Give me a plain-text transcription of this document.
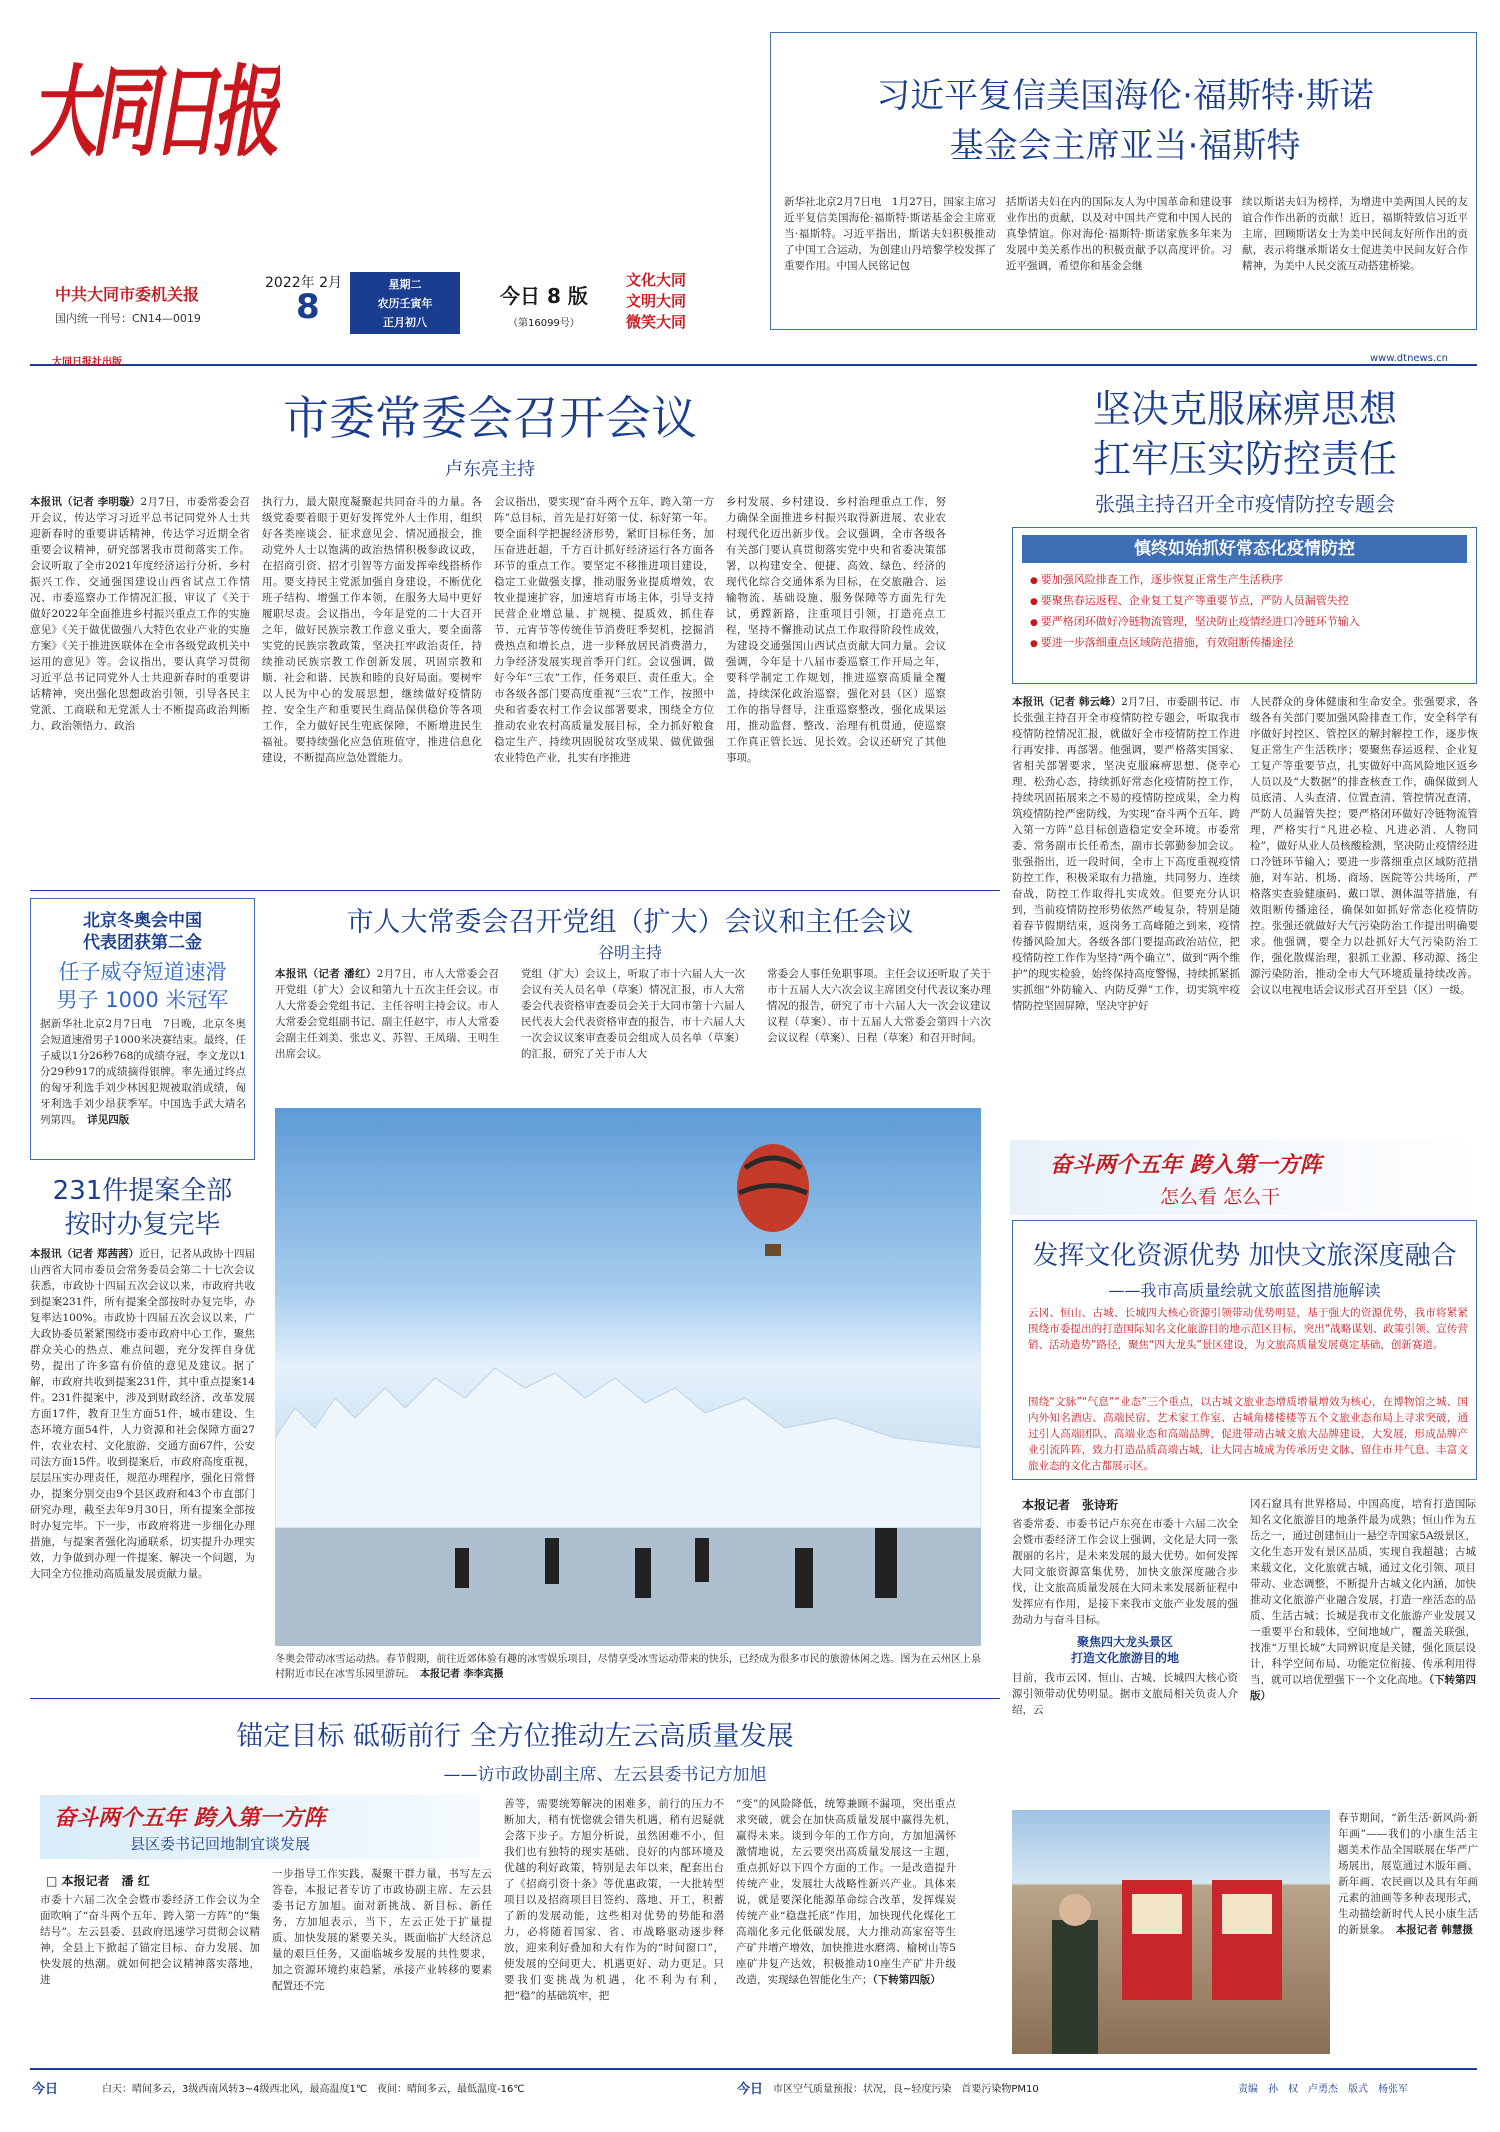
大同日报
中共大同市委机关报
国内统一刊号：CN14—0019
2022年 2月
8
星期二
农历壬寅年
正月初八
今日 8 版
（第16099号）
文化大同
文明大同
微笑大同
习近平复信美国海伦·福斯特·斯诺
基金会主席亚当·福斯特
新华社北京2月7日电　1月27日，国家主席习近平复信美国海伦·福斯特·斯诺基金会主席亚当·福斯特。习近平指出，斯诺夫妇积极推动了中国工合运动，为创建山丹培黎学校发挥了重要作用。中国人民铭记包
括斯诺夫妇在内的国际友人为中国革命和建设事业作出的贡献，以及对中国共产党和中国人民的真挚情谊。你对海伦·福斯特·斯诺家族多年来为发展中美关系作出的积极贡献予以高度评价。习近平强调，希望你和基金会继
续以斯诺夫妇为榜样，为增进中美两国人民的友谊合作作出新的贡献！近日，福斯特致信习近平主席，回顾斯诺女士为美中民间友好所作出的贡献，表示将继承斯诺女士促进美中民间友好合作精神，为美中人民交流互动搭建桥梁。
大同日报社出版	www.dtnews.cn
市委常委会召开会议
卢东亮主持
本报讯（记者 李明璇）2月7日，市委常委会召开会议，传达学习习近平总书记同党外人士共迎新春时的重要讲话精神，传达学习近期全省重要会议精神，研究部署我市贯彻落实工作。会议听取了全市2021年度经济运行分析、乡村振兴工作、交通强国建设山西省试点工作情况、市委巡察办工作情况汇报，审议了《关于做好2022年全面推进乡村振兴重点工作的实施意见》《关于做优做强八大特色农业产业的实施方案》《关于推进医联体在全市各级党政机关中运用的意见》等。会议指出，要认真学习贯彻习近平总书记同党外人士共迎新春时的重要讲话精神，突出强化思想政治引领，引导各民主党派、工商联和无党派人士不断提高政治判断力、政治领悟力、政治
执行力，最大限度凝聚起共同奋斗的力量。各级党委要着眼于更好发挥党外人士作用，组织好各类座谈会、征求意见会、情况通报会，推动党外人士以饱满的政治热情积极参政议政，在招商引资、招才引智等方面发挥牵线搭桥作用。要支持民主党派加强自身建设，不断优化班子结构、增强工作本领，在服务大局中更好履职尽责。会议指出，今年是党的二十大召开之年，做好民族宗教工作意义重大，要全面落实党的民族宗教政策，坚决扛牢政治责任，持续推动民族宗教工作创新发展，巩固宗教和顺、社会和谐、民族和睦的良好局面。要树牢以人民为中心的发展思想，继续做好疫情防控、安全生产和重要民生商品保供稳价等各项工作，全力做好民生兜底保障，不断增进民生福祉。要持续强化应急值班值守，推进信息化建设，不断提高应急处置能力。
会议指出，要实现“奋斗两个五年、跨入第一方阵”总目标，首先是打好第一仗、标好第一年。要全面科学把握经济形势，紧盯目标任务，加压奋进赶超，千方百计抓好经济运行各方面各环节的重点工作。要坚定不移推进项目建设，稳定工业做强支撑，推动服务业提质增效，农牧业提速扩容，加速培育市场主体，引导支持民营企业增总量、扩规模、提质效，抓住春节、元宵节等传统佳节消费旺季契机，挖掘消费热点和增长点，进一步释放居民消费潜力，力争经济发展实现首季开门红。会议强调，做好今年“三农”工作，任务艰巨、责任重大。全市各级各部门要高度重视“三农”工作，按照中央和省委农村工作会议部署要求，围绕全方位推动农业农村高质量发展目标，全力抓好粮食稳定生产、持续巩固脱贫攻坚成果、做优做强农业特色产业，扎实有序推进
乡村发展、乡村建设、乡村治理重点工作，努力确保全面推进乡村振兴取得新进展、农业农村现代化迈出新步伐。会议强调，全市各级各有关部门要认真贯彻落实党中央和省委决策部署，以构建安全、便捷、高效、绿色、经济的现代化综合交通体系为目标，在交旅融合、运输物流、基础设施、服务保障等方面先行先试，勇蹚新路，注重项目引领，打造亮点工程，坚持不懈推动试点工作取得阶段性成效，为建设交通强国山西试点贡献大同力量。会议强调，今年是十八届市委巡察工作开局之年，要科学制定工作规划，推进巡察高质量全覆盖，持续深化政治巡察，强化对县（区）巡察工作的指导督导，注重巡察整改，强化成果运用，推动监督、整改、治理有机贯通，使巡察工作真正管长远、见长效。会议还研究了其他事项。
坚决克服麻痹思想
扛牢压实防控责任
张强主持召开全市疫情防控专题会
慎终如始抓好常态化疫情防控
● 要加强风险排查工作，逐步恢复正常生产生活秩序
● 要聚焦春运返程、企业复工复产等重要节点，严防人员漏管失控
● 要严格闭环做好冷链物流管理，坚决防止疫情经进口冷链环节输入
● 要进一步落细重点区域防范措施，有效阻断传播途径
本报讯（记者 韩云峰）2月7日，市委副书记、市长张强主持召开全市疫情防控专题会，听取我市疫情防控情况汇报，就做好全市疫情防控工作进行再安排、再部署。他强调，要严格落实国家、省相关部署要求，坚决克服麻痹思想、侥幸心理、松劲心态，持续抓好常态化疫情防控工作，持续巩固拓展来之不易的疫情防控成果，全力构筑疫情防控严密防线，为实现“奋斗两个五年、跨入第一方阵”总目标创造稳定安全环境。市委常委、常务副市长任希杰，副市长郭勤参加会议。张强指出，近一段时间，全市上下高度重视疫情防控工作，积极采取有力措施，共同努力、连续奋战，防控工作取得扎实成效。但要充分认识到，当前疫情防控形势依然严峻复杂，特别是随着春节假期结束，返岗务工高峰随之到来，疫情传播风险加大。各级各部门要提高政治站位，把疫情防控工作作为坚持“两个确立”、做到“两个维护”的现实检验，始终保持高度警惕，持续抓紧抓实抓细“外防输入、内防反弹”工作，切实筑牢疫情防控坚固屏障，坚决守护好
人民群众的身体健康和生命安全。张强要求，各级各有关部门要加强风险排查工作，安全科学有序做好封控区、管控区的解封解控工作，逐步恢复正常生产生活秩序；要聚焦春运返程、企业复工复产等重要节点，扎实做好中高风险地区返乡人员以及“大数据”的排查核查工作，确保做到人员底清、人头查清、位置查清、管控情况查清，严防人员漏管失控；要严格闭环做好冷链物流管理，严格实行“凡进必检、凡进必消、人物同检”，做好从业人员核酸检测，坚决防止疫情经进口冷链环节输入；要进一步落细重点区域防范措施，对车站、机场、商场、医院等公共场所，严格落实查验健康码、戴口罩、测体温等措施，有效阻断传播途径，确保如如抓好常态化疫情防控。张强还就做好大气污染防治工作提出明确要求。他强调，要全力以赴抓好大气污染防治工作，强化散煤治理，狠抓工业源、移动源、扬尘源污染防治，推动全市大气环境质量持续改善。会议以电视电话会议形式召开至县（区）一级。
北京冬奥会中国
代表团获第二金
任子威夺短道速滑
男子 1000 米冠军
据新华社北京2月7日电　7日晚，北京冬奥会短道速滑男子1000米决赛结束。最终，任子威以1分26秒768的成绩夺冠，李文龙以1分29秒917的成绩摘得银牌。率先通过终点的匈牙利选手刘少林因犯规被取消成绩，匈牙利选手刘少昂获季军。中国选手武大靖名列第四。　 详见四版
市人大常委会召开党组（扩大）会议和主任会议
谷明主持
本报讯（记者 潘红）2月7日，市人大常委会召开党组（扩大）会议和第九十五次主任会议。市人大常委会党组书记、主任谷明主持会议。市人大常委会党组副书记、副主任赵宇，市人大常委会副主任刘美、张忠义、苏智、王凤瑞、王明生出席会议。
党组（扩大）会议上，听取了市十六届人大一次会议有关人员名单（草案）情况汇报，市人大常委会代表资格审查委员会关于大同市第十六届人民代表大会代表资格审查的报告，市十六届人大一次会议议案审查委员会组成人员名单（草案）的汇报，研究了关于市人大
常委会人事任免职事项。主任会议还听取了关于市十五届人大六次会议主席团交付代表议案办理情况的报告，研究了市十六届人大一次会议建议议程（草案）、市十五届人大常委会第四十六次会议议程（草案）、日程（草案）和召开时间。
冬奥会带动冰雪运动热。春节假期，前往近郊体验有趣的冰雪娱乐项目，尽情享受冰雪运动带来的快乐，已经成为很多市民的旅游休闲之选。图为在云州区上泉村附近市民在冰雪乐园里游玩。　 本报记者 李李宾摄
231件提案全部
按时办复完毕
本报讯（记者 郑茜茜）近日，记者从政协十四届山西省大同市委员会常务委员会第二十七次会议获悉，市政协十四届五次会议以来，市政府共收到提案231件，所有提案全部按时办复完毕，办复率达100%。市政协十四届五次会议以来，广大政协委员紧紧围绕市委市政府中心工作，聚焦群众关心的热点、难点问题，充分发挥自身优势，提出了许多富有价值的意见及建议。据了解，市政府共收到提案231件，其中重点提案14件。231件提案中，涉及到财政经济、改革发展方面17件，教育卫生方面51件，城市建设、生态环境方面54件，人力资源和社会保障方面27件，农业农村、文化旅游、交通方面67件，公安司法方面15件。收到提案后，市政府高度重视，层层压实办理责任，规范办理程序，强化日常督办，提案分别交由9个县区政府和43个市直部门研究办理，截至去年9月30日，所有提案全部按时办复完毕。下一步，市政府将进一步细化办理措施，与提案者强化沟通联系，切实提升办理实效，力争做到办理一件提案、解决一个问题，为大同全方位推动高质量发展贡献力量。
奋斗两个五年 跨入第一方阵
怎么看 怎么干
发挥文化资源优势 加快文旅深度融合
——我市高质量绘就文旅蓝图措施解读
云冈、恒山、古城、长城四大核心资源引领带动优势明显，基于强大的资源优势，我市将紧紧围绕市委提出的打造国际知名文化旅游目的地示范区目标，突出“战略谋划、政策引领、宣传营销、活动造势”路径，聚焦“四大龙头”景区建设，为文旅高质量发展奠定基础，创新赛道。
围绕“文脉”“气息”“业态”三个重点，以古城文旅业态增质增量增效为核心，在博物馆之城、国内外知名酒店、高端民宿、艺术家工作室、古城角楼楼楼等五个文旅业态布局上寻求突破，通过引人高端团队、高端业态和高端品牌，促进带动古城文旅大品牌建设，大发展，形成品牌产业引流阵阵，致力打造品质高端古城，让大同古城成为传承历史文脉、留住市井气息、丰富文旅业态的文化古都展示区。
本报记者　张诗珩
省委常委、市委书记卢东亮在市委十六届二次全会暨市委经济工作会议上强调，文化是大同一张靓丽的名片，是未来发展的最大优势。如何发挥大同文旅资源富集优势，加快文旅深度融合步伐，让文旅高质量发展在大同未来发展新征程中发挥应有作用，是接下来我市文旅产业发展的强劲动力与奋斗目标。
聚焦四大龙头景区
打造文化旅游目的地
目前，我市云冈、恒山、古城、长城四大核心资源引领带动优势明显。据市文旅局相关负责人介绍，云
冈石窟具有世界格局、中国高度，培育打造国际知名文化旅游目的地条件最为成熟；恒山作为五岳之一，通过创建恒山一悬空寺国家5A级景区，文化生态开发有景区品质，实现自我超越；古城来载文化，文化旅就古城，通过文化引领、项目带动、业态调整，不断提升古城文化内涵，加快推动文化旅游产业融合发展，打造一座活态的品质、生活古城；长城是我市文化旅游产业发展又一重要平台和载体，空间地域广，覆盖关联强，找准“万里长城”大同辨识度是关键，强化顶层设计，科学空间布局、功能定位衔接、传承利用得当，就可以培优塑强下一个文化高地。（下转第四版）
锚定目标 砥砺前行 全方位推动左云高质量发展
——访市政协副主席、左云县委书记方加旭
奋斗两个五年 跨入第一方阵
县区委书记回地制宜谈发展
□ 本报记者　潘 红
市委十六届二次全会暨市委经济工作会议为全面吹响了“奋斗两个五年、跨入第一方阵”的“集结号”。左云县委、县政府迅速学习贯彻会议精神，全县上下掀起了锚定目标、奋力发展、加快发展的热潮。就如何把会议精神落实落地，进
一步指导工作实践，凝聚干群力量，书写左云答卷，本报记者专访了市政协副主席、左云县委书记方加旭。面对新挑战、新目标、新任务，方加旭表示，当下，左云正处于扩量提质、加快发展的紧要关头，既面临扩大经济总量的艰巨任务，又面临城乡发展的共性要求，加之资源环境约束趋紧，承接产业转移的要素配置还不完
善等，需要统筹解决的困难多，前行的压力不断加大，稍有恍惚就会错失机遇，稍有迟疑就会落下步子。方旭分析说，虽然困难不小，但我们也有独特的现实基础、良好的内部环境及优越的利好政策，特别是去年以来，配套出台了《招商引资十条》等优惠政策，一大批转型项目以及招商项目目签约、落地、开工，积蓄了新的发展动能，这些相对优势的势能和潜力，必将随着国家、省、市战略驱动逐步释放，迎来利好叠加和大有作为的“时间窗口”，使发展的空间更大、机遇更好、动力更足。只要我们变挑战为机遇，化不利为有利，把“稳”的基础筑牢，把
“变”的风险降低，统筹兼顾不漏项，突出重点求突破，就会在加快高质量发展中赢得先机，赢得未来。谈到今年的工作方向，方加旭满怀激情地说，左云要突出高质量发展这一主题，重点抓好以下四个方面的工作。一是改造提升传统产业，发展壮大战略性新兴产业。具体来说，就是要深化能源革命综合改革，发挥煤炭传统产业“稳盘托底”作用，加快现代化煤化工高端化多元化低碳发展，大力推动高家窑等生产矿井增产增效，加快推进水磨湾、榆树山等5座矿井复产达效，积极推动10座生产矿井升级改造，实现绿色智能化生产；（下转第四版）
春节期间，“新生活·新风尚·新年画”——我们的小康生活主题美术作品全国联展在华严广场展出，展览通过木版年画、新年画、农民画以及具有年画元素的油画等多种表现形式，生动描绘新时代人民小康生活的新景象。　 本报记者 韩慧摄
今日	白天：晴间多云，3级西南风转3~4级西北风，最高温度1℃　夜间：晴间多云，最低温度-16℃	今日 市区空气质量预报：状况，良~轻度污染　首要污染物PM10	责编　孙　权　卢勇杰　版式　杨张军
